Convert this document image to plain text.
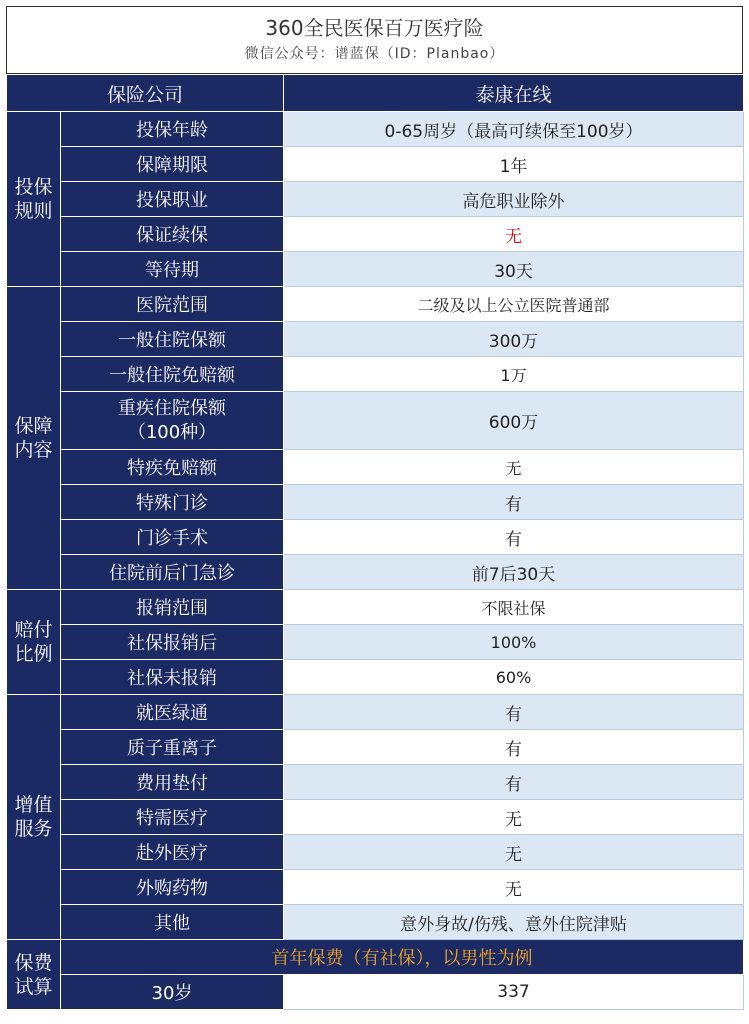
360全民医保百万医疗险
微信公众号：谱蓝保（ID：Planbao）
保险公司		泰康在线
投保
规则	投保年龄	0-65周岁（最高可续保至100岁）
	保障期限	1年
	投保职业	高危职业除外
	保证续保	无
	等待期	30天
保障
内容	医院范围	二级及以上公立医院普通部
	一般住院保额	300万
	一般住院免赔额	1万
	重疾住院保额
（100种）	600万
	特疾免赔额	无
	特殊门诊	有
	门诊手术	有
	住院前后门急诊	前7后30天
赔付
比例	报销范围	不限社保
	社保报销后	100%
	社保未报销	60%
增值
服务	就医绿通	有
	质子重离子	有
	费用垫付	有
	特需医疗	无
	赴外医疗	无
	外购药物	无
	其他	意外身故/伤残、意外住院津贴
保费
试算	首年保费（有社保），以男性为例	
	30岁	337
